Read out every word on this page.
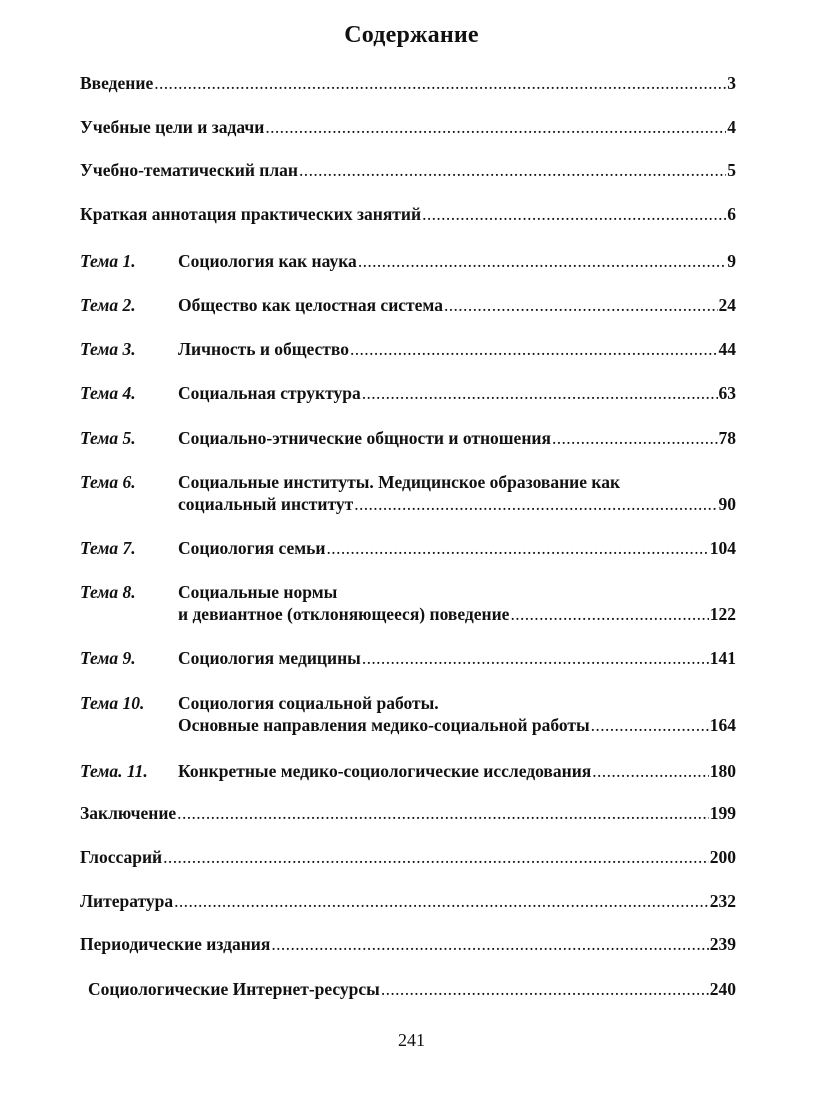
Содержание
Введение .....	3
Учебные цели и задачи .....	4
Учебно-тематический план .....	5
Краткая аннотация практических занятий .....	6
Тема 1.	Социология как наука .....	9
Тема 2.	Общество как целостная система .....	24
Тема 3.	Личность и общество .....	44
Тема 4.	Социальная структура .....	63
Тема 5.	Социально-этнические общности и отношения .....	78
Тема 6.	Социальные институты. Медицинское образование как
социальный институт .....	90
Тема 7.	Социология семьи .....	104
Тема 8.	Социальные нормы
и девиантное (отклоняющееся) поведение .....	122
Тема 9.	Социология медицины .....	141
Тема 10.	Социология социальной работы.
Основные направления медико-социальной работы .....	164
Тема. 11.	Конкретные медико-социологические исследования .....	180
Заключение .....	199
Глоссарий .....	200
Литература .....	232
Периодические издания .....	239
Социологические Интернет-ресурсы .....	240
241
